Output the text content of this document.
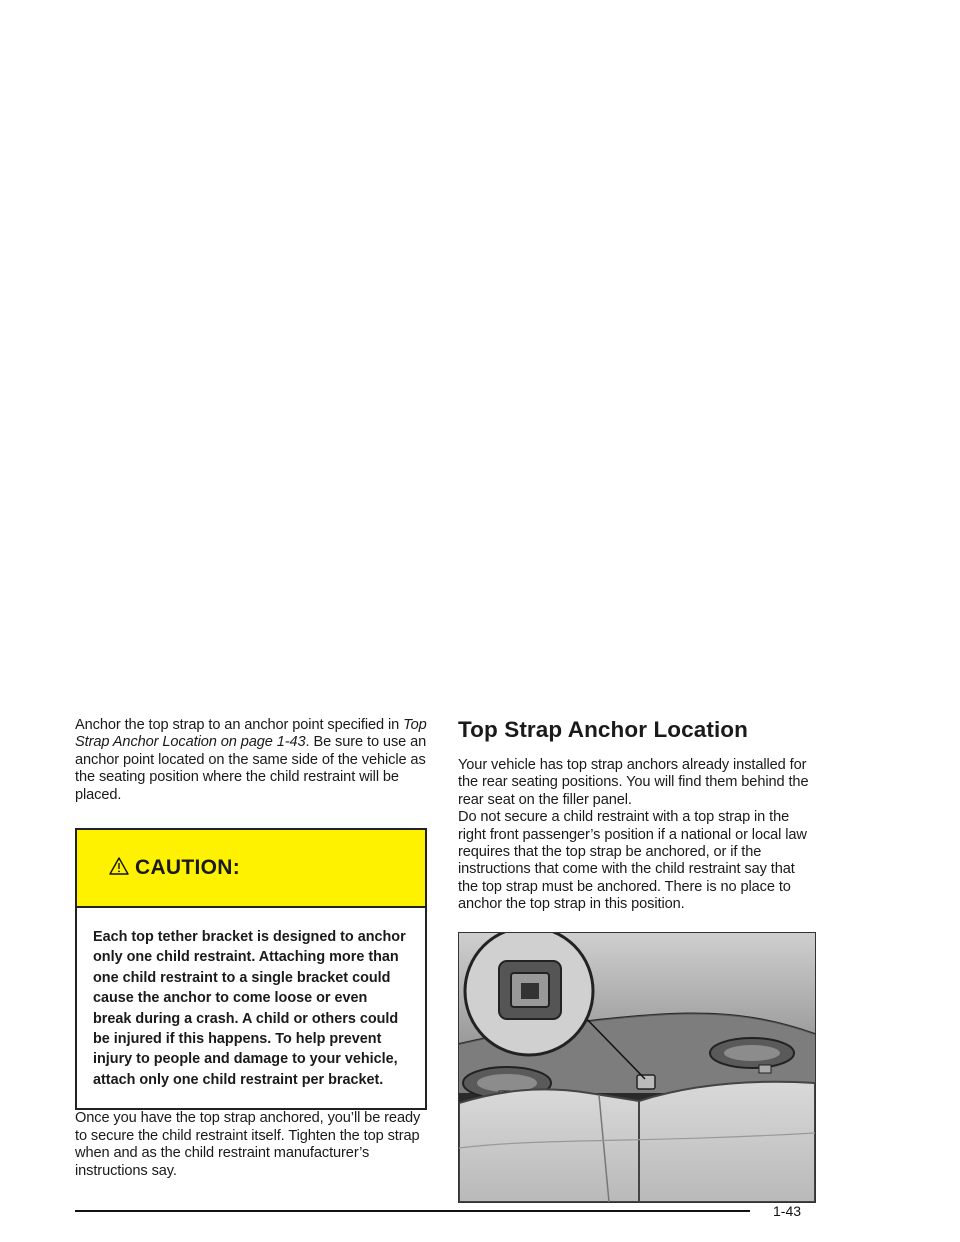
Anchor the top strap to an anchor point specified in Top Strap Anchor Location on page 1-43. Be sure to use an anchor point located on the same side of the vehicle as the seating position where the child restraint will be placed.

CAUTION:
Each top tether bracket is designed to anchor only one child restraint. Attaching more than one child restraint to a single bracket could cause the anchor to come loose or even break during a crash. A child or others could be injured if this happens. To help prevent injury to people and damage to your vehicle, attach only one child restraint per bracket.

Once you have the top strap anchored, you’ll be ready to secure the child restraint itself. Tighten the top strap when and as the child restraint manufacturer’s instructions say.

Top Strap Anchor Location

Your vehicle has top strap anchors already installed for the rear seating positions. You will find them behind the rear seat on the filler panel.

Do not secure a child restraint with a top strap in the right front passenger’s position if a national or local law requires that the top strap be anchored, or if the instructions that come with the child restraint say that the top strap must be anchored. There is no place to anchor the top strap in this position.

1-43
